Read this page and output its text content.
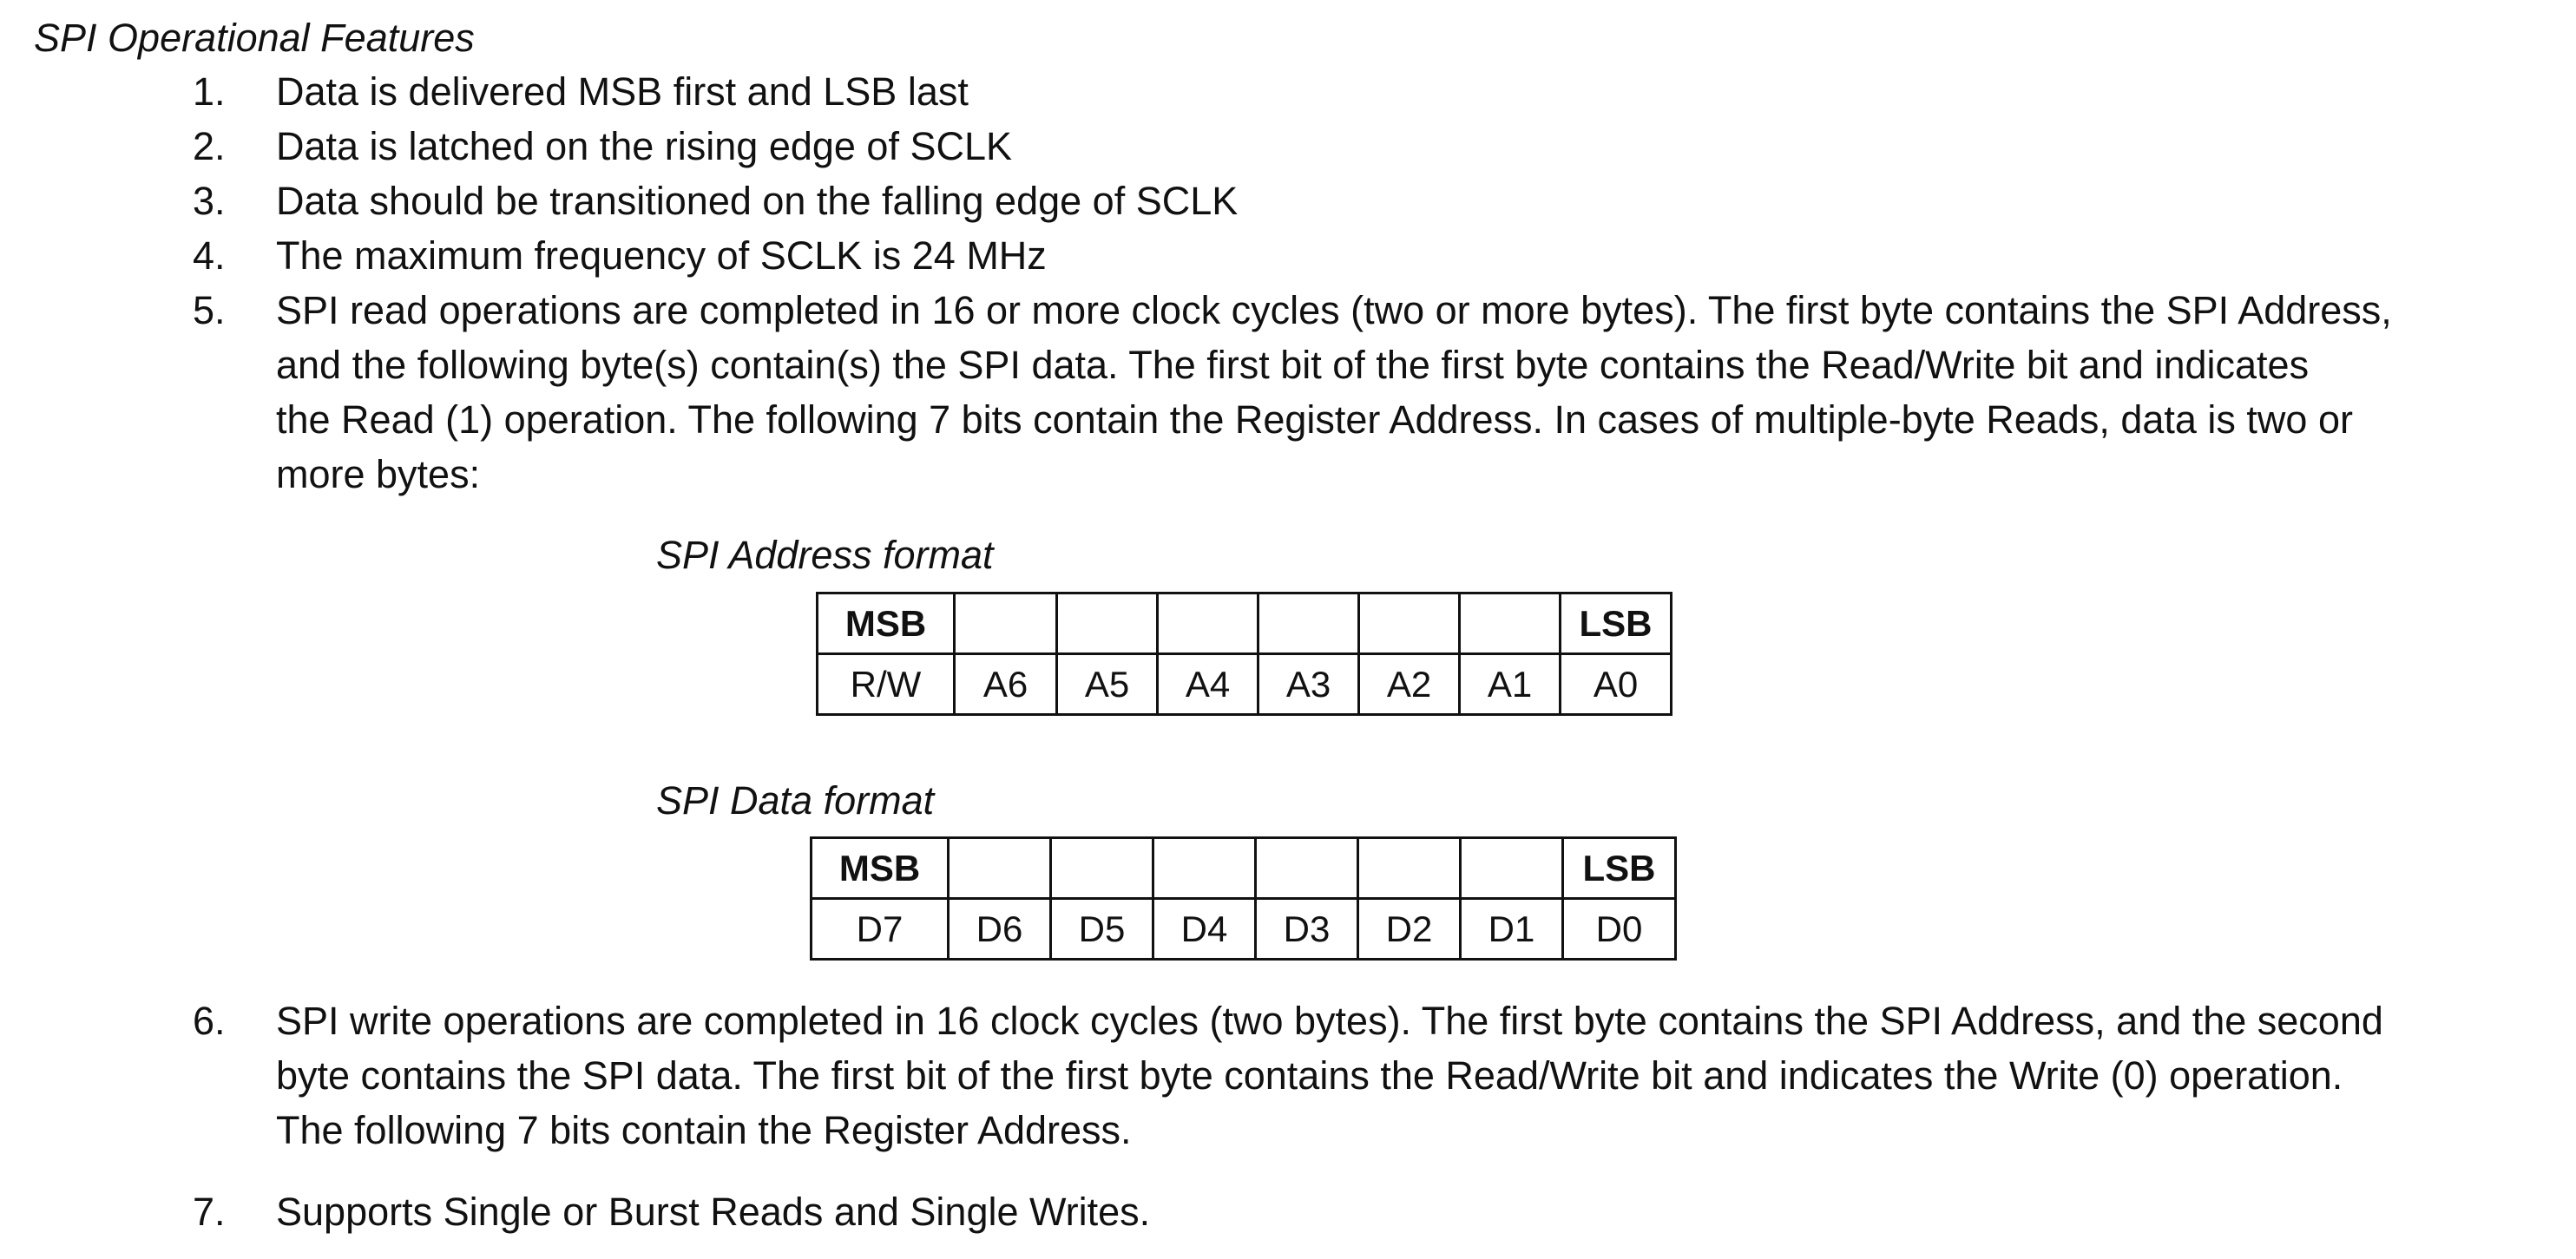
SPI Operational Features
1.	Data is delivered MSB first and LSB last
2.	Data is latched on the rising edge of SCLK
3.	Data should be transitioned on the falling edge of SCLK
4.	The maximum frequency of SCLK is 24 MHz
5.	SPI read operations are completed in 16 or more clock cycles (two or more bytes). The first byte contains the SPI Address,
and the following byte(s) contain(s) the SPI data. The first bit of the first byte contains the Read/Write bit and indicates
the Read (1) operation. The following 7 bits contain the Register Address. In cases of multiple-byte Reads, data is two or
more bytes:
SPI Address format
MSB							LSB
R/W	A6	A5	A4	A3	A2	A1	A0
SPI Data format
MSB							LSB
D7	D6	D5	D4	D3	D2	D1	D0
6.	SPI write operations are completed in 16 clock cycles (two bytes). The first byte contains the SPI Address, and the second
byte contains the SPI data. The first bit of the first byte contains the Read/Write bit and indicates the Write (0) operation.
The following 7 bits contain the Register Address.
7.	Supports Single or Burst Reads and Single Writes.
